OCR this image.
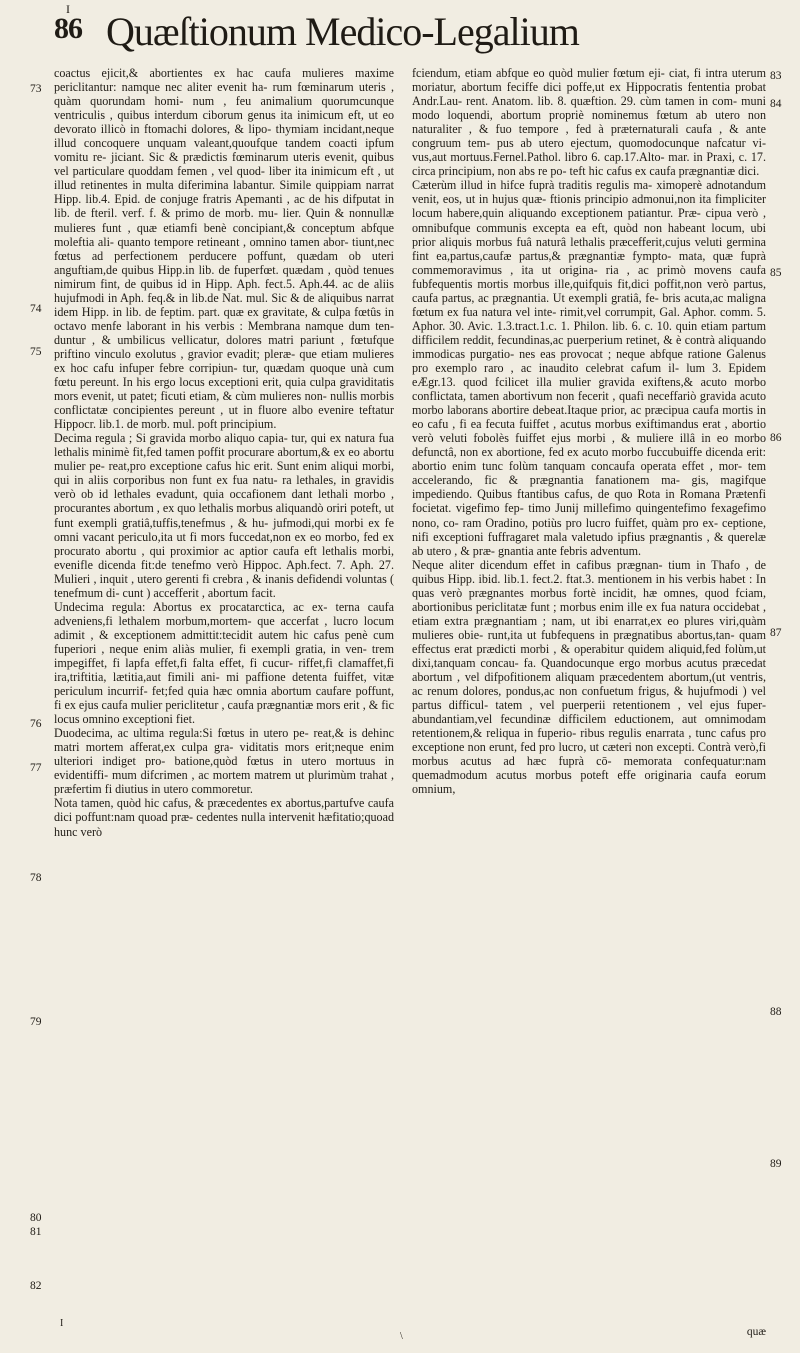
I
86 Quæſtionum Medico-Legalium
73
74
75
76
77
78
79
80
81
82

coactus ejicit,& abortientes ex hac caufa mulieres maxime periclitantur: namque nec aliter evenit ha- rum fœminarum uteris , quàm quorundam homi- num , feu animalium quorumcunque ventriculis , quibus interdum ciborum genus ita inimicum eft, ut eo devorato illicò in ftomachi dolores, & lipo- thymiam incidant,neque illud concoquere unquam valeant,quoufque tandem coacti ipfum vomitu re- jiciant. Sic & prædictis fœminarum uteris evenit, quibus vel particulare quoddam femen , vel quod- liber ita inimicum eft , ut illud retinentes in multa diferimina labantur. Simile quippiam narrat Hipp. lib.4. Epid. de conjuge fratris Apemanti , ac de his difputat in lib. de fteril. verf. f. & primo de morb. mu- lier. Quin & nonnullæ mulieres funt , quæ etiamfi benè concipiant,& conceptum abfque moleftia ali- quanto tempore retineant , omnino tamen abor- tiunt,nec fœtus ad perfectionem perducere poffunt, quædam ob uteri anguftiam,de quibus Hipp.in lib. de fuperfœt. quædam , quòd tenues nimirum fint, de quibus id in Hipp. Aph. fect.5. Aph.44. ac de aliis hujufmodi in Aph. feq.& in lib.de Nat. mul. Sic & de aliquibus narrat idem Hipp. in lib. de feptim. part. quæ ex gravitate, & culpa fœtûs in octavo menfe laborant in his verbis : Membrana namque dum ten- duntur , & umbilicus vellicatur, dolores matri pariunt , fœtufque priftino vinculo exolutus , gravior evadit; pleræ- que etiam mulieres ex hoc cafu infuper febre corripiun- tur, quædam quoque unà cum fœtu pereunt. In his ergo locus exceptioni erit, quia culpa graviditatis mors evenit, ut patet; ficuti etiam, & cùm mulieres non- nullis morbis conflictatæ concipientes pereunt , ut in fluore albo evenire teftatur Hippocr. lib.1. de morb. mul. poft principium.

Decima regula ; Si gravida morbo aliquo capia- tur, qui ex natura fua lethalis minimè fit,fed tamen poffit procurare abortum,& ex eo abortu mulier pe- reat,pro exceptione cafus hic erit. Sunt enim aliqui morbi, qui in aliis corporibus non funt ex fua natu- ra lethales, in gravidis verò ob id lethales evadunt, quia occafionem dant lethali morbo , procurantes abortum , ex quo lethalis morbus aliquandò oriri poteft, ut funt exempli gratiâ,tuffis,tenefmus , & hu- jufmodi,qui morbi ex fe omni vacant periculo,ita ut fi mors fuccedat,non ex eo morbo, fed ex procurato abortu , qui proximior ac aptior caufa eft lethalis morbi, evenifle dicenda fit:de tenefmo verò Hippoc. Aph.fect. 7. Aph. 27. Mulieri , inquit , utero gerenti fi crebra , & inanis defidendi voluntas ( tenefmum di- cunt ) accefferit , abortum facit.

Undecima regula: Abortus ex procatarctica, ac ex- terna caufa adveniens,fi lethalem morbum,mortem- que accerfat , lucro locum adimit , & exceptionem admittit:tecidit autem hic cafus penè cum fuperiori , neque enim aliàs mulier, fi exempli gratia, in ven- trem impegiffet, fi lapfa effet,fi falta effet, fi cucur- riffet,fi clamaffet,fi ira,triftitia, lætitia,aut fimili ani- mi paffione detenta fuiffet, vitæ periculum incurrif- fet;fed quia hæc omnia abortum caufare poffunt, fi ex ejus caufa mulier periclitetur , caufa prægnantiæ mors erit , & fic locus omnino exceptioni fiet.

Duodecima, ac ultima regula:Si fœtus in utero pe- reat,& is dehinc matri mortem afferat,ex culpa gra- viditatis mors erit;neque enim ulteriori indiget pro- batione,quòd fœtus in utero mortuus in evidentiffi- mum difcrimen , ac mortem matrem ut plurimùm trahat , præfertim fi diutius in utero commoretur.

Nota tamen, quòd hic cafus, & præcedentes ex abortus,partufve caufa dici poffunt:nam quoad præ- cedentes nulla intervenit hæfitatio;quoad hunc verò

fciendum, etiam abfque eo quòd mulier fœtum eji- ciat, fi intra uterum moriatur, abortum feciffe dici poffe,ut ex Hippocratis fententia probat Andr.Lau- rent. Anatom. lib. 8. quæftion. 29. cùm tamen in com- muni modo loquendi, abortum propriè nominemus fœtum ab utero non naturaliter , & fuo tempore , fed à præternaturali caufa , & ante congruum tem- pus ab utero ejectum, quomodocunque nafcatur vi- vus,aut mortuus.Fernel.Pathol. libro 6. cap.17.Alto- mar. in Praxi, c. 17. circa principium, non abs re po- teft hic cafus ex caufa prægnantiæ dici.

Cæterùm illud in hifce fuprà traditis regulis ma- ximoperè adnotandum venit, eos, ut in hujus quæ- ftionis principio admonui,non ita fimpliciter locum habere,quin aliquando exceptionem patiantur. Præ- cipua verò , omnibufque communis excepta ea eft, quòd non habeant locum, ubi prior aliquis morbus fuâ naturâ lethalis præcefferit,cujus veluti germina fint ea,partus,caufæ partus,& prægnantiæ fympto- mata, quæ fuprà commemoravimus , ita ut origina- ria , ac primò movens caufa fubfequentis mortis morbus ille,quifquis fit,dici poffit,non verò partus, caufa partus, ac prægnantia. Ut exempli gratiâ, fe- bris acuta,ac maligna fœtum ex fua natura vel inte- rimit,vel corrumpit, Gal. Aphor. comm. 5. Aphor. 30. Avic. 1.3.tract.1.c. 1. Philon. lib. 6. c. 10. quin etiam partum difficilem reddit, fecundinas,ac puerperium retinet, & è contrà aliquando immodicas purgatio- nes eas provocat ; neque abfque ratione Galenus pro exemplo raro , ac inaudito celebrat cafum il- lum 3. Epidem eÆgr.13. quod fcilicet illa mulier gravida exiftens,& acuto morbo conflictata, tamen abortivum non fecerit , quafi neceffariò gravida acuto morbo laborans abortire debeat.Itaque prior, ac præcipua caufa mortis in eo cafu , fi ea fecuta fuiffet , acutus morbus exiftimandus erat , abortio verò veluti fobolès fuiffet ejus morbi , & muliere illâ in eo morbo defunctâ, non ex abortione, fed ex acuto morbo fuccubuiffe dicenda erit: abortio enim tunc folùm tanquam concaufa operata effet , mor- tem accelerando, fic & prægnantia fanationem ma- gis, magifque impediendo. Quibus ftantibus cafus, de quo Rota in Romana Prætenfi focietat. vigefimo fep- timo Junij millefimo quingentefimo fexagefimo nono, co- ram Oradino, potiùs pro lucro fuiffet, quàm pro ex- ceptione, nifi exceptioni fuffragaret mala valetudo ipfius prægnantis , & querelæ ab utero , & præ- gnantia ante febris adventum.

Neque aliter dicendum effet in cafibus prægnan- tium in Thafo , de quibus Hipp. ibid. lib.1. fect.2. ftat.3. mentionem in his verbis habet : In quas verò prægnantes morbus fortè incidit, hæ omnes, quod fciam, abortionibus periclitatæ funt ; morbus enim ille ex fua natura occidebat , etiam extra prægnantiam ; nam, ut ibi enarrat,ex eo plures viri,quàm mulieres obie- runt,ita ut fubfequens in prægnatibus abortus,tan- quam effectus erat prædicti morbi , & operabitur quidem aliquid,fed folùm,ut dixi,tanquam concau- fa. Quandocunque ergo morbus acutus præcedat abortum , vel difpofitionem aliquam præcedentem abortum,(ut ventris, ac renum dolores, pondus,ac non confuetum frigus, & hujufmodi ) vel partus difficul- tatem , vel puerperii retentionem , vel ejus fuper- abundantiam,vel fecundinæ difficilem eductionem, aut omnimodam retentionem,& reliqua in fuperio- ribus regulis enarrata , tunc cafus pro exceptione non erunt, fed pro lucro, ut cæteri non excepti. Contrà verò,fi morbus acutus ad hæc fuprà cō- memorata confequatur:nam quemadmodum acutus morbus poteft effe originaria caufa eorum omnium,

83
84
85
86
87
88
89
I
\	quæ
